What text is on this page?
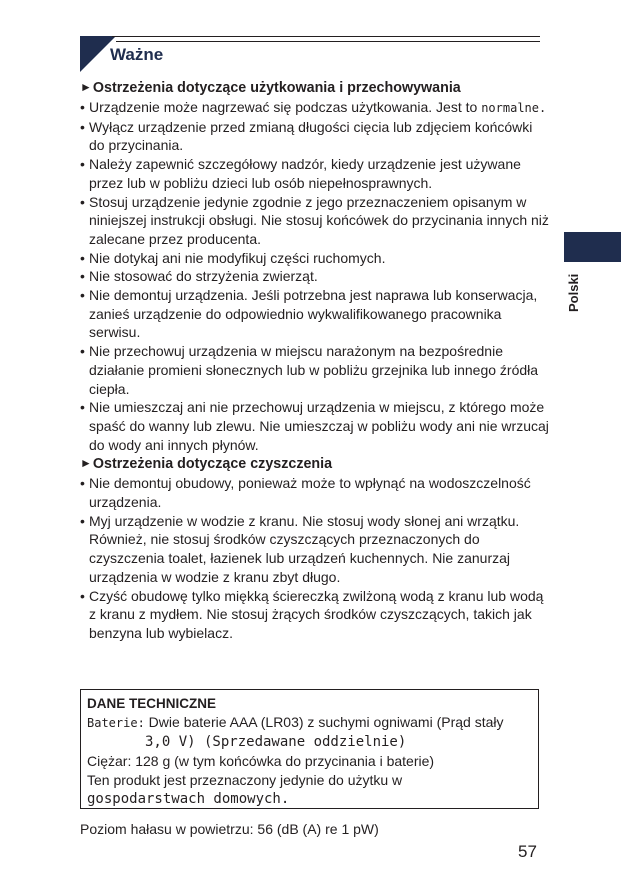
Ważne
Polski
►Ostrzeżenia dotyczące użytkowania i przechowywania
• Urządzenie może nagrzewać się podczas użytkowania. Jest to normalne.
• Wyłącz urządzenie przed zmianą długości cięcia lub zdjęciem końcówki do przycinania.
• Należy zapewnić szczegółowy nadzór, kiedy urządzenie jest używane przez lub w pobliżu dzieci lub osób niepełnosprawnych.
• Stosuj urządzenie jedynie zgodnie z jego przeznaczeniem opisanym w niniejszej instrukcji obsługi. Nie stosuj końcówek do przycinania innych niż zalecane przez producenta.
• Nie dotykaj ani nie modyfikuj części ruchomych.
• Nie stosować do strzyżenia zwierząt.
• Nie demontuj urządzenia. Jeśli potrzebna jest naprawa lub konserwacja, zanieś urządzenie do odpowiednio wykwalifikowanego pracownika serwisu.
• Nie przechowuj urządzenia w miejscu narażonym na bezpośrednie działanie promieni słonecznych lub w pobliżu grzejnika lub innego źródła ciepła.
• Nie umieszczaj ani nie przechowuj urządzenia w miejscu, z którego może spaść do wanny lub zlewu. Nie umieszczaj w pobliżu wody ani nie wrzucaj do wody ani innych płynów.
►Ostrzeżenia dotyczące czyszczenia
• Nie demontuj obudowy, ponieważ może to wpłynąć na wodoszczelność urządzenia.
• Myj urządzenie w wodzie z kranu. Nie stosuj wody słonej ani wrzątku. Również, nie stosuj środków czyszczących przeznaczonych do czyszczenia toalet, łazienek lub urządzeń kuchennych. Nie zanurzaj urządzenia w wodzie z kranu zbyt długo.
• Czyść obudowę tylko miękką ściereczką zwilżoną wodą z kranu lub wodą z kranu z mydłem. Nie stosuj żrących środków czyszczących, takich jak benzyna lub wybielacz.
DANE TECHNICZNE
Baterie: Dwie baterie AAA (LR03) z suchymi ogniwami (Prąd stały
3,0 V) (Sprzedawane oddzielnie)
Ciężar: 128 g (w tym końcówka do przycinania i baterie)
Ten produkt jest przeznaczony jedynie do użytku w
gospodarstwach domowych.
Poziom hałasu w powietrzu: 56 (dB (A) re 1 pW)
57
